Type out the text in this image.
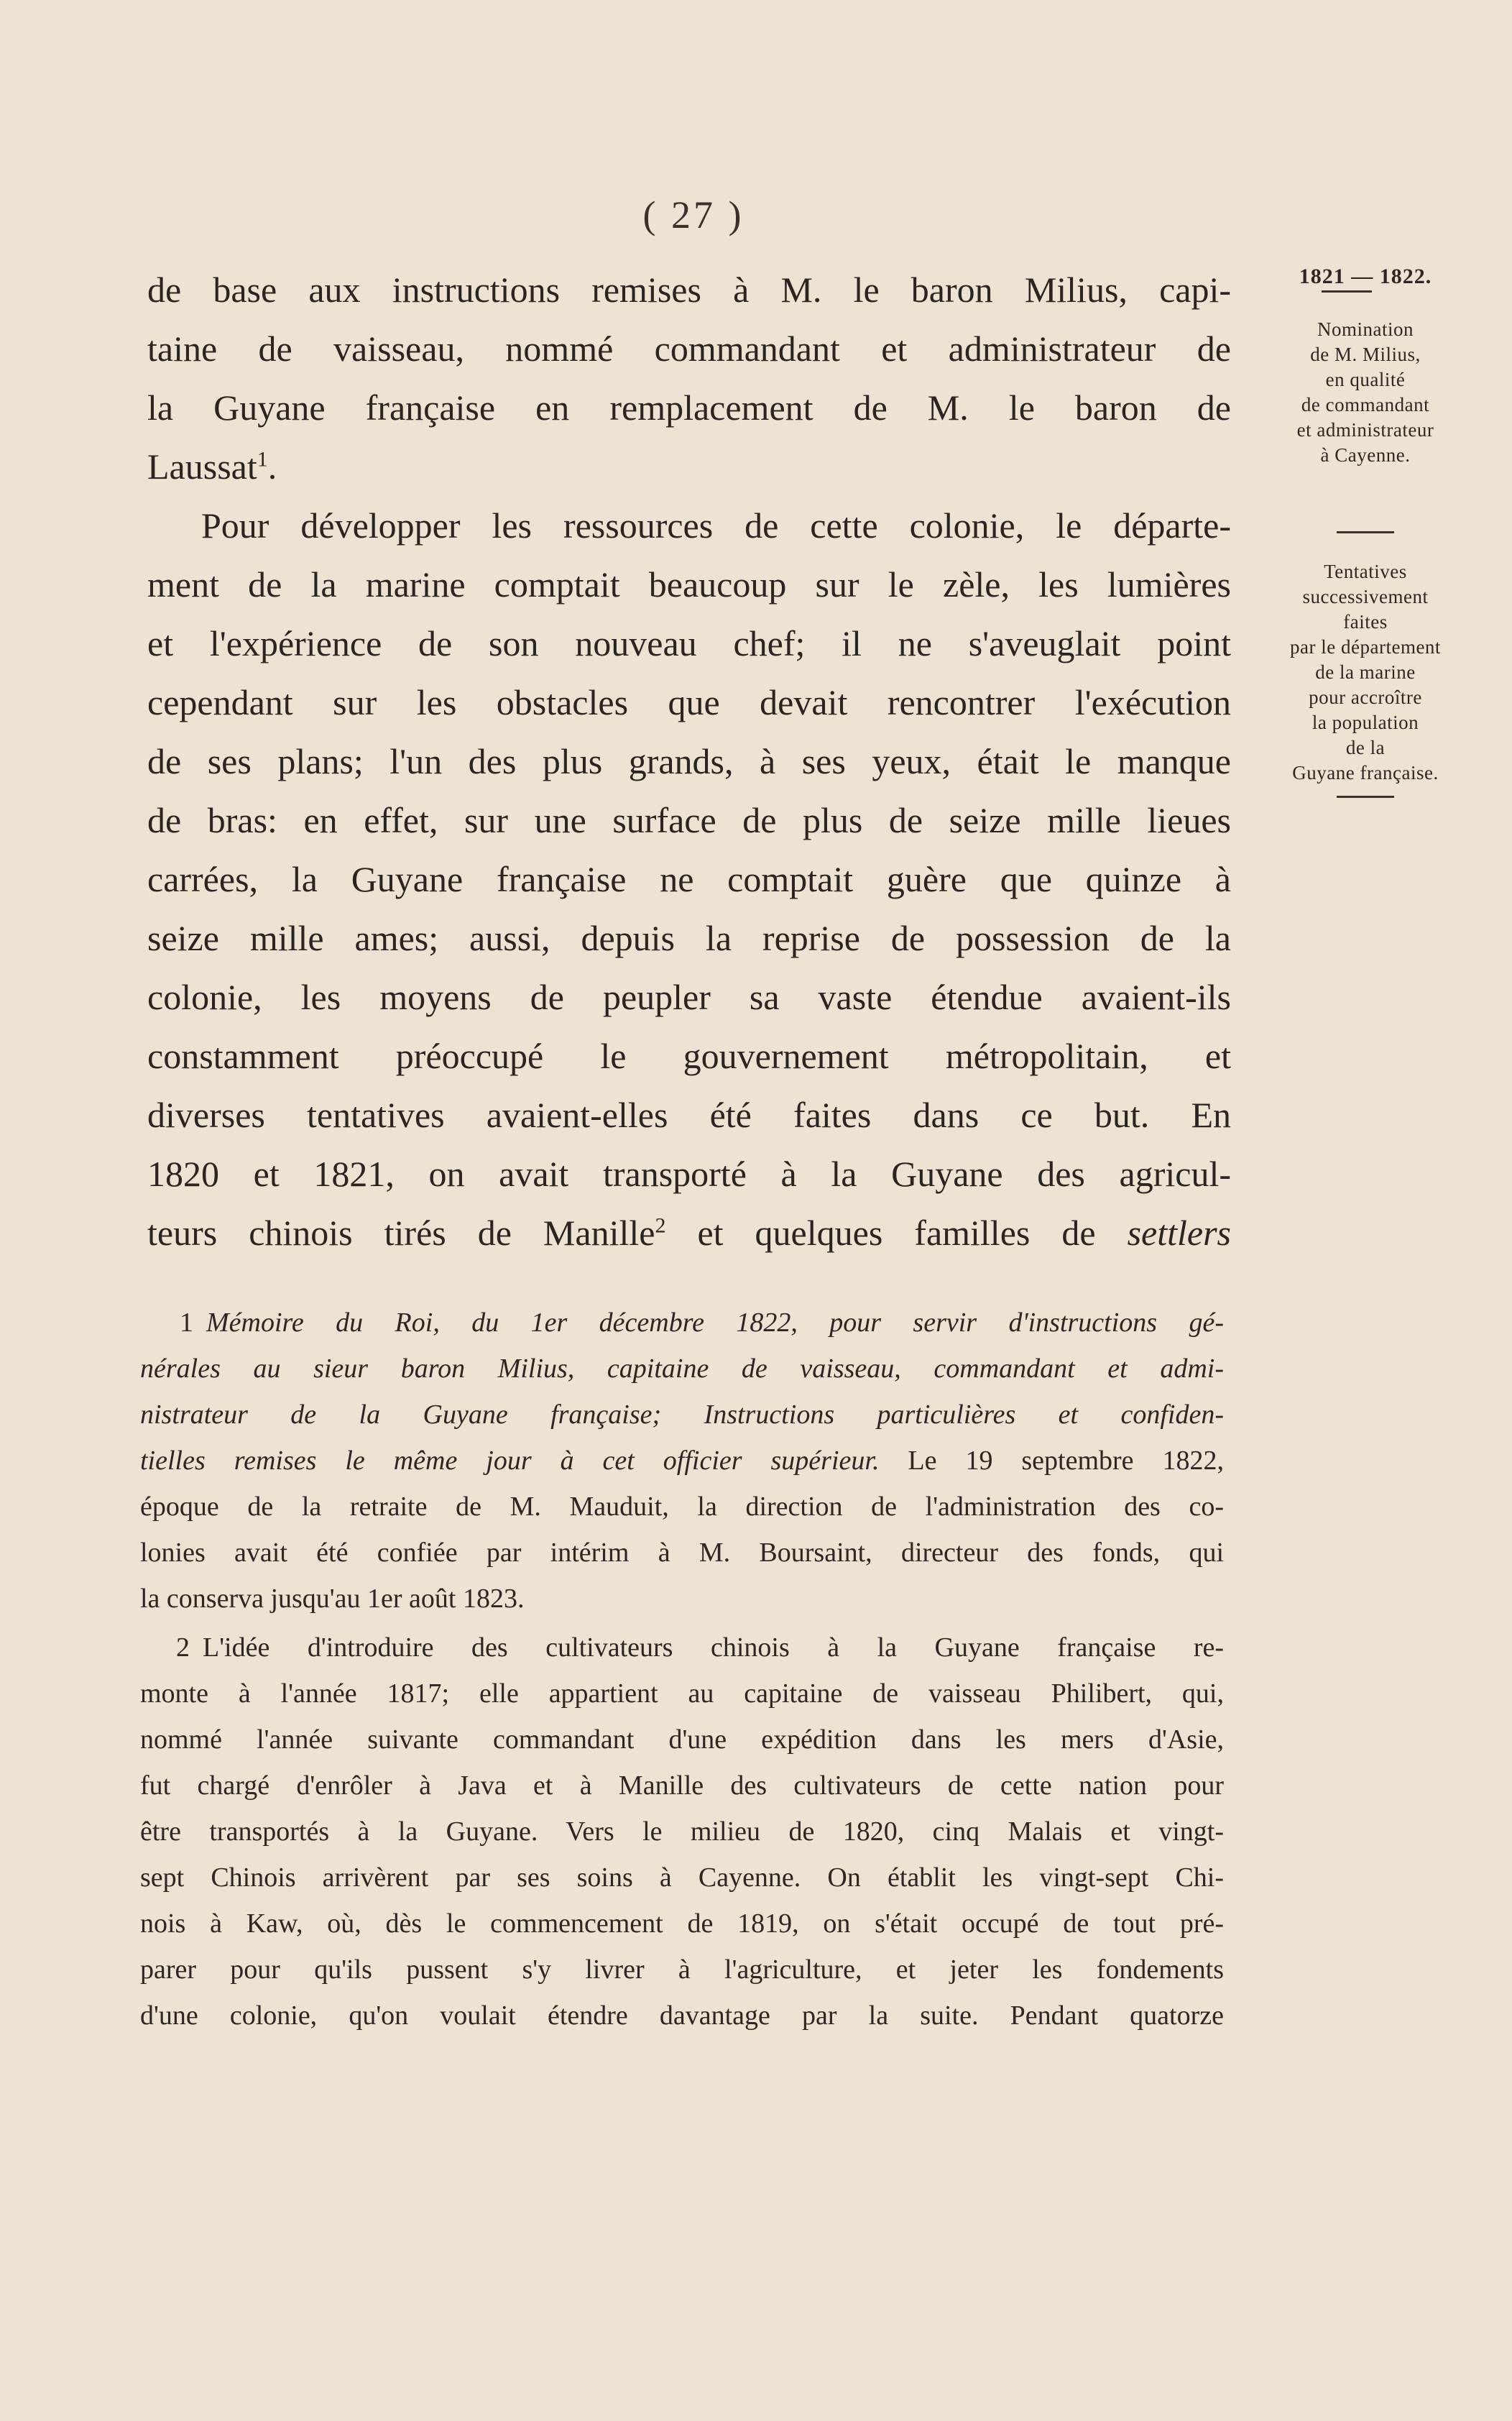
( 27 )

de base aux instructions remises à M. le baron Milius, capi-
taine de vaisseau, nommé commandant et administrateur de
la Guyane française en remplacement de M. le baron de
Laussat$^1$.

Pour développer les ressources de cette colonie, le départe-
ment de la marine comptait beaucoup sur le zèle, les lumières
et l'expérience de son nouveau chef; il ne s'aveuglait point
cependant sur les obstacles que devait rencontrer l'exécution
de ses plans; l'un des plus grands, à ses yeux, était le manque
de bras: en effet, sur une surface de plus de seize mille lieues
carrées, la Guyane française ne comptait guère que quinze à
seize mille ames; aussi, depuis la reprise de possession de la
colonie, les moyens de peupler sa vaste étendue avaient-ils
constamment préoccupé le gouvernement métropolitain, et
diverses tentatives avaient-elles été faites dans ce but. En
1820 et 1821, on avait transporté à la Guyane des agricul-
teurs chinois tirés de Manille$^2$ et quelques familles de settlers

1821 — 1822.
Nomination
de M. Milius,
en qualité
de commandant
et administrateur
à Cayenne.
Tentatives
successivement
faites
par le département
de la marine
pour accroître
la population
de la
Guyane française.

1 Mémoire du Roi, du 1er décembre 1822, pour servir d'instructions gé-
nérales au sieur baron Milius, capitaine de vaisseau, commandant et admi-
nistrateur de la Guyane française; Instructions particulières et confiden-
tielles remises le même jour à cet officier supérieur. Le 19 septembre 1822,
époque de la retraite de M. Mauduit, la direction de l'administration des co-
lonies avait été confiée par intérim à M. Boursaint, directeur des fonds, qui
la conserva jusqu'au 1er août 1823.

2 L'idée d'introduire des cultivateurs chinois à la Guyane française re-
monte à l'année 1817; elle appartient au capitaine de vaisseau Philibert, qui,
nommé l'année suivante commandant d'une expédition dans les mers d'Asie,
fut chargé d'enrôler à Java et à Manille des cultivateurs de cette nation pour
être transportés à la Guyane. Vers le milieu de 1820, cinq Malais et vingt-
sept Chinois arrivèrent par ses soins à Cayenne. On établit les vingt-sept Chi-
nois à Kaw, où, dès le commencement de 1819, on s'était occupé de tout pré-
parer pour qu'ils pussent s'y livrer à l'agriculture, et jeter les fondements
d'une colonie, qu'on voulait étendre davantage par la suite. Pendant quatorze
